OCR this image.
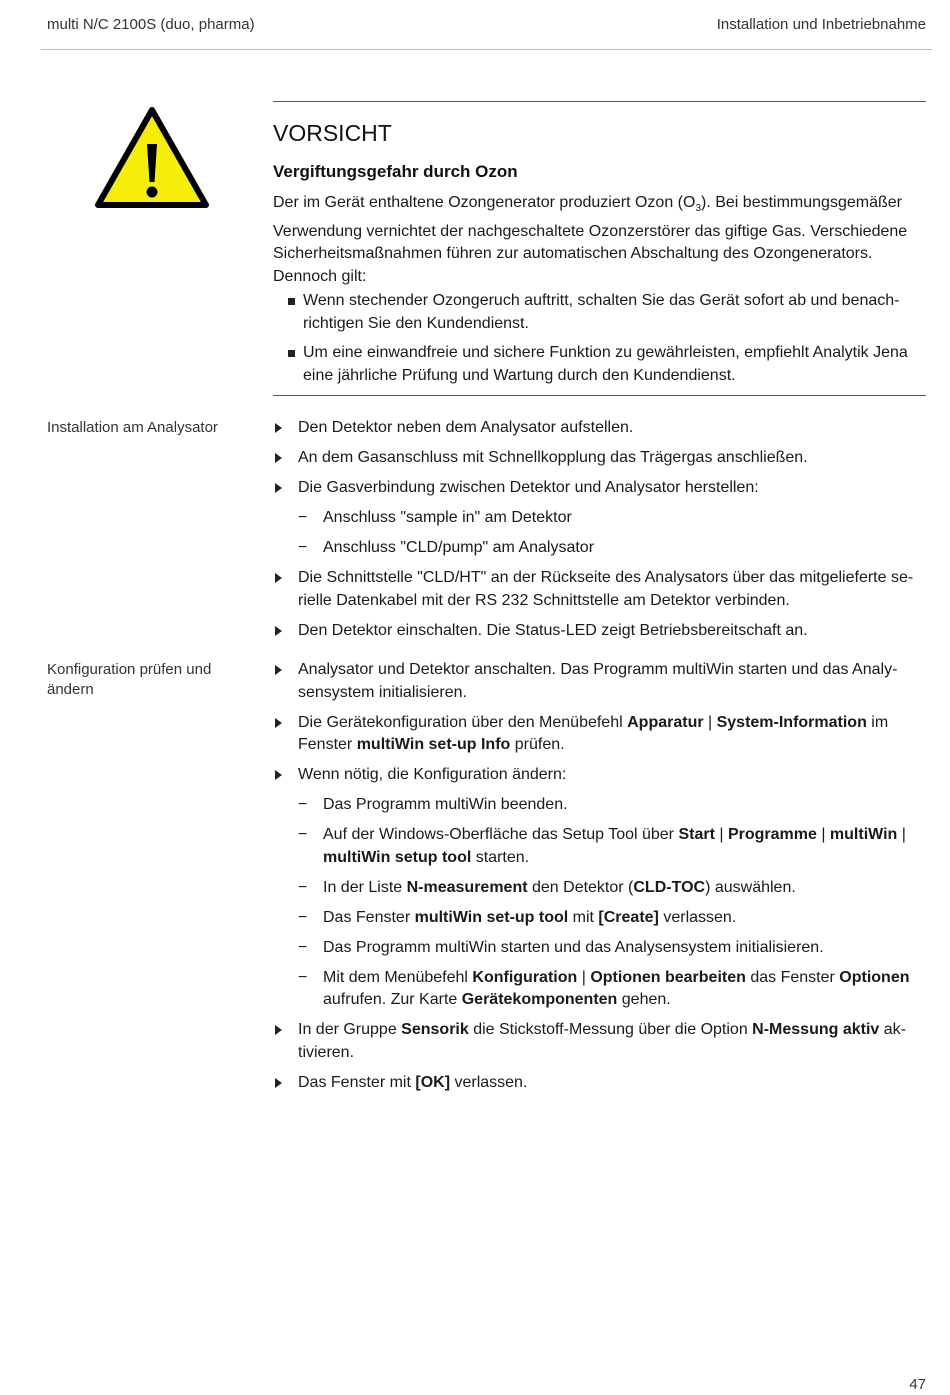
multi N/C 2100S (duo, pharma)	Installation und Inbetriebnahme
VORSICHT
Vergiftungsgefahr durch Ozon
Der im Gerät enthaltene Ozongenerator produziert Ozon $(O_3)$. Bei bestimmungsgemäßer Verwendung vernichtet der nachgeschaltete Ozonzerstörer das giftige Gas. Verschiedene Sicherheitsmaßnahmen führen zur automatischen Abschaltung des Ozongenerators. Dennoch gilt:
Wenn stechender Ozongeruch auftritt, schalten Sie das Gerät sofort ab und benachrichtigen Sie den Kundendienst.
Um eine einwandfreie und sichere Funktion zu gewährleisten, empfiehlt Analytik Jena eine jährliche Prüfung und Wartung durch den Kundendienst.
Installation am Analysator	Den Detektor neben dem Analysator aufstellen.
An dem Gasanschluss mit Schnellkopplung das Trägergas anschließen.
Die Gasverbindung zwischen Detektor und Analysator herstellen:
− Anschluss "sample in" am Detektor
− Anschluss "CLD/pump" am Analysator
Die Schnittstelle "CLD/HT" an der Rückseite des Analysators über das mitgelieferte serielle Datenkabel mit der RS 232 Schnittstelle am Detektor verbinden.
Den Detektor einschalten. Die Status-LED zeigt Betriebsbereitschaft an.
Konfiguration prüfen und ändern
Analysator und Detektor anschalten. Das Programm multiWin starten und das Analysensystem initialisieren.
Die Gerätekonfiguration über den Menübefehl Apparatur | System-Information im Fenster multiWin set-up Info prüfen.
Wenn nötig, die Konfiguration ändern:
− Das Programm multiWin beenden.
− Auf der Windows-Oberfläche das Setup Tool über Start | Programme | multiWin | multiWin setup tool starten.
− In der Liste N-measurement den Detektor (CLD-TOC) auswählen.
− Das Fenster multiWin set-up tool mit [Create] verlassen.
− Das Programm multiWin starten und das Analysensystem initialisieren.
− Mit dem Menübefehl Konfiguration | Optionen bearbeiten das Fenster Optionen aufrufen. Zur Karte Gerätekomponenten gehen.
In der Gruppe Sensorik die Stickstoff-Messung über die Option N-Messung aktiv aktivieren.
Das Fenster mit [OK] verlassen.
47
